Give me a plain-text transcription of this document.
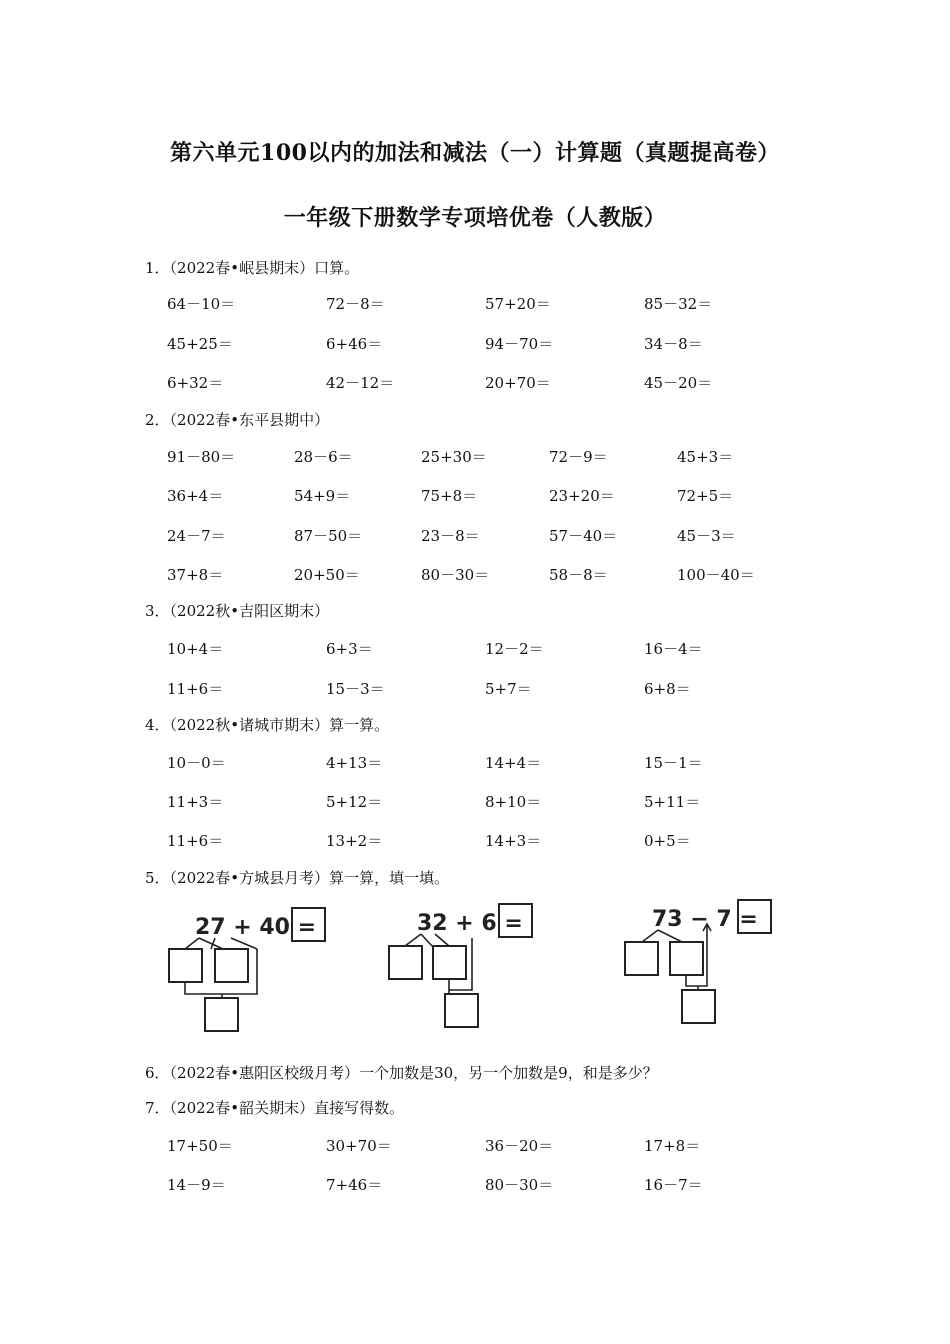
第六单元100以内的加法和减法（一）计算题（真题提高卷）
一年级下册数学专项培优卷（人教版）
1．（2022春•岷县期末）口算。
64－10＝	72－8＝	57+20＝	85－32＝
45+25＝	6+46＝	94－70＝	34－8＝
6+32＝	42－12＝	20+70＝	45－20＝
2．（2022春•东平县期中）
91－80＝	28－6＝	25+30＝	72－9＝	45+3＝
36+4＝	54+9＝	75+8＝	23+20＝	72+5＝
24－7＝	87－50＝	23－8＝	57－40＝	45－3＝
37+8＝	20+50＝	80－30＝	58－8＝	100－40＝
3．（2022秋•吉阳区期末）
10+4＝	6+3＝	12－2＝	16－4＝
11+6＝	15－3＝	5+7＝	6+8＝
4．（2022秋•诸城市期末）算一算。
10－0＝	4+13＝	14+4＝	15－1＝
11+3＝	5+12＝	8+10＝	5+11＝
11+6＝	13+2＝	14+3＝	0+5＝
5．（2022春•方城县月考）算一算，填一填。
27 + 40 =	32 + 6 =	73 − 7 =
6．（2022春•惠阳区校级月考）一个加数是30，另一个加数是9，和是多少？
7．（2022春•韶关期末）直接写得数。
17+50＝	30+70＝	36－20＝	17+8＝
14－9＝	7+46＝	80－30＝	16－7＝
